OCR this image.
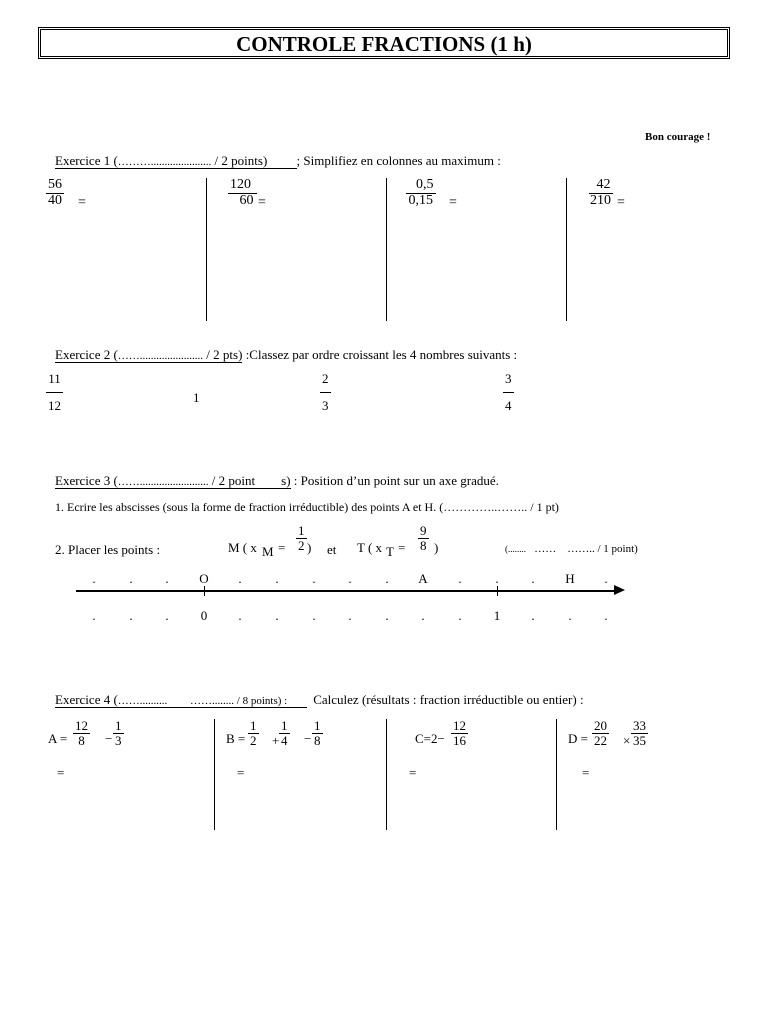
CONTROLE FRACTIONS (1 h)
Bon courage !
Exercice 1 (………...................... / 2 points) ; Simplifiez en colonnes au maximum :
$\frac{56}{40}$ =	$\frac{120}{60}$ =	$\frac{0,5}{0,15}$ =	$\frac{42}{210}$ =
Exercice 2 (……....................... / 2 pts) :Classez par ordre croissant les 4 nombres suivants :
$\frac{11}{12}$	1	$\frac{2}{3}$	$\frac{3}{4}$
Exercice 3 (……......................... / 2 point s) : Position d’un point sur un axe gradué.
1. Ecrire les abscisses (sous la forme de fraction irréductible) des points A et H. (…………..…….. / 1 pt)
2. Placer les points :	M ( x $M = \frac{1}{2}$ ) et T ( x $T = \frac{9}{8}$ )	(........ …… …….. / 1 point)
.	.	. O .	.	.	.	. A .	.	. H .
.	.	. 0 .	.	.	.	.	.	. 1 .	.	.
Exercice 4 (…….......... ……........ / 8 points) : Calculez (résultats : fraction irréductible ou entier) :
$A = \frac{12}{8} - \frac{1}{3}$
=
$B = \frac{1}{2} + \frac{1}{4} - \frac{1}{8}$
=
$C=2- \frac{12}{16}$
=
$D = \frac{20}{22} \times \frac{33}{35}$
=
